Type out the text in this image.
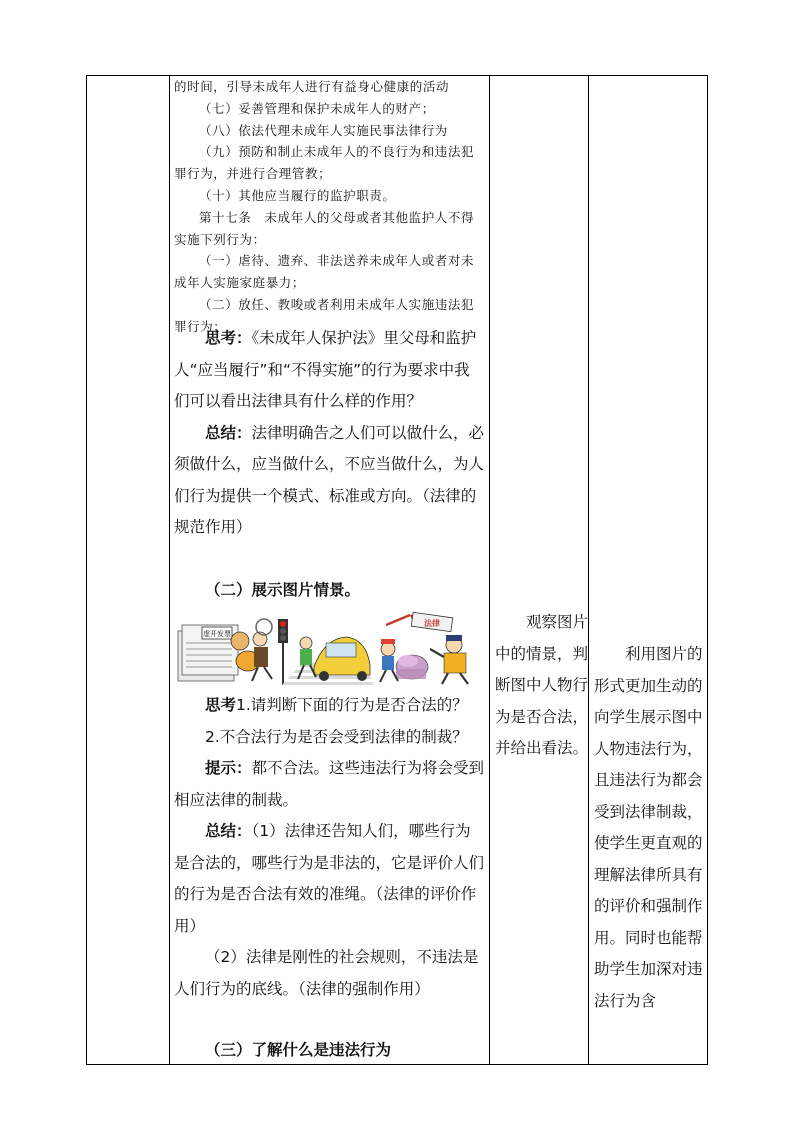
的时间，引导未成年人进行有益身心健康的活动

（七）妥善管理和保护未成年人的财产；

（八）依法代理未成年人实施民事法律行为

（九）预防和制止未成年人的不良行为和违法犯罪行为，并进行合理管教；

（十）其他应当履行的监护职责。

第十七条　未成年人的父母或者其他监护人不得实施下列行为：

（一）虐待、遗弃、非法送养未成年人或者对未成年人实施家庭暴力；

（二）放任、教唆或者利用未成年人实施违法犯罪行为；

思考：《未成年人保护法》里父母和监护人“应当履行”和“不得实施”的行为要求中我们可以看出法律具有什么样的作用？

总结：法律明确告之人们可以做什么，必须做什么，应当做什么，不应当做什么，为人们行为提供一个模式、标准或方向。（法律的规范作用）

（二）展示图片情景。

虚开发票
法律

思考1.请判断下面的行为是否合法的？

2.不合法行为是否会受到法律的制裁？

提示：都不合法。这些违法行为将会受到相应法律的制裁。

总结：（1）法律还告知人们，哪些行为是合法的，哪些行为是非法的，它是评价人们的行为是否合法有效的准绳。（法律的评价作用）

（2）法律是刚性的社会规则，不违法是人们行为的底线。（法律的强制作用）

（三）了解什么是违法行为

观察图片中的情景，判断图中人物行为是否合法，并给出看法。

利用图片的形式更加生动的向学生展示图中人物违法行为，且违法行为都会受到法律制裁，使学生更直观的理解法律所具有的评价和强制作用。同时也能帮助学生加深对违法行为含
